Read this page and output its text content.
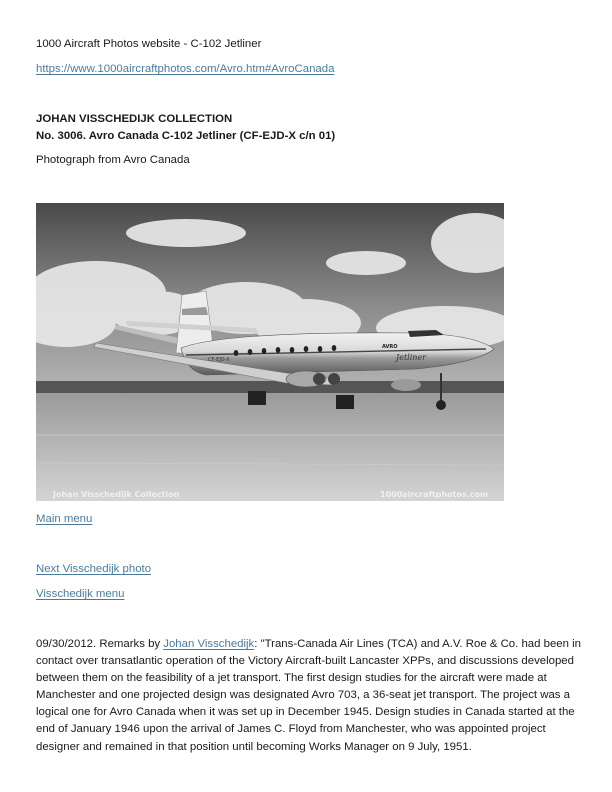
1000 Aircraft Photos website - C-102 Jetliner
https://www.1000aircraftphotos.com/Avro.htm#AvroCanada
JOHAN VISSCHEDIJK COLLECTION
No. 3006. Avro Canada C-102 Jetliner (CF-EJD-X c/n 01)
Photograph from Avro Canada
CF-EJD-X
AVRO
Jetliner
Johan Visschedijk Collection	1000aircraftphotos.com
Main menu
Next Visschedijk photo
Visschedijk menu
09/30/2012. Remarks by Johan Visschedijk: "Trans-Canada Air Lines (TCA) and A.V. Roe & Co. had been in contact over transatlantic operation of the Victory Aircraft-built Lancaster XPPs, and discussions developed between them on the feasibility of a jet transport. The first design studies for the aircraft were made at Manchester and one projected design was designated Avro 703, a 36-seat jet transport. The project was a logical one for Avro Canada when it was set up in December 1945. Design studies in Canada started at the end of January 1946 upon the arrival of James C. Floyd from Manchester, who was appointed project designer and remained in that position until becoming Works Manager on 9 July, 1951.
